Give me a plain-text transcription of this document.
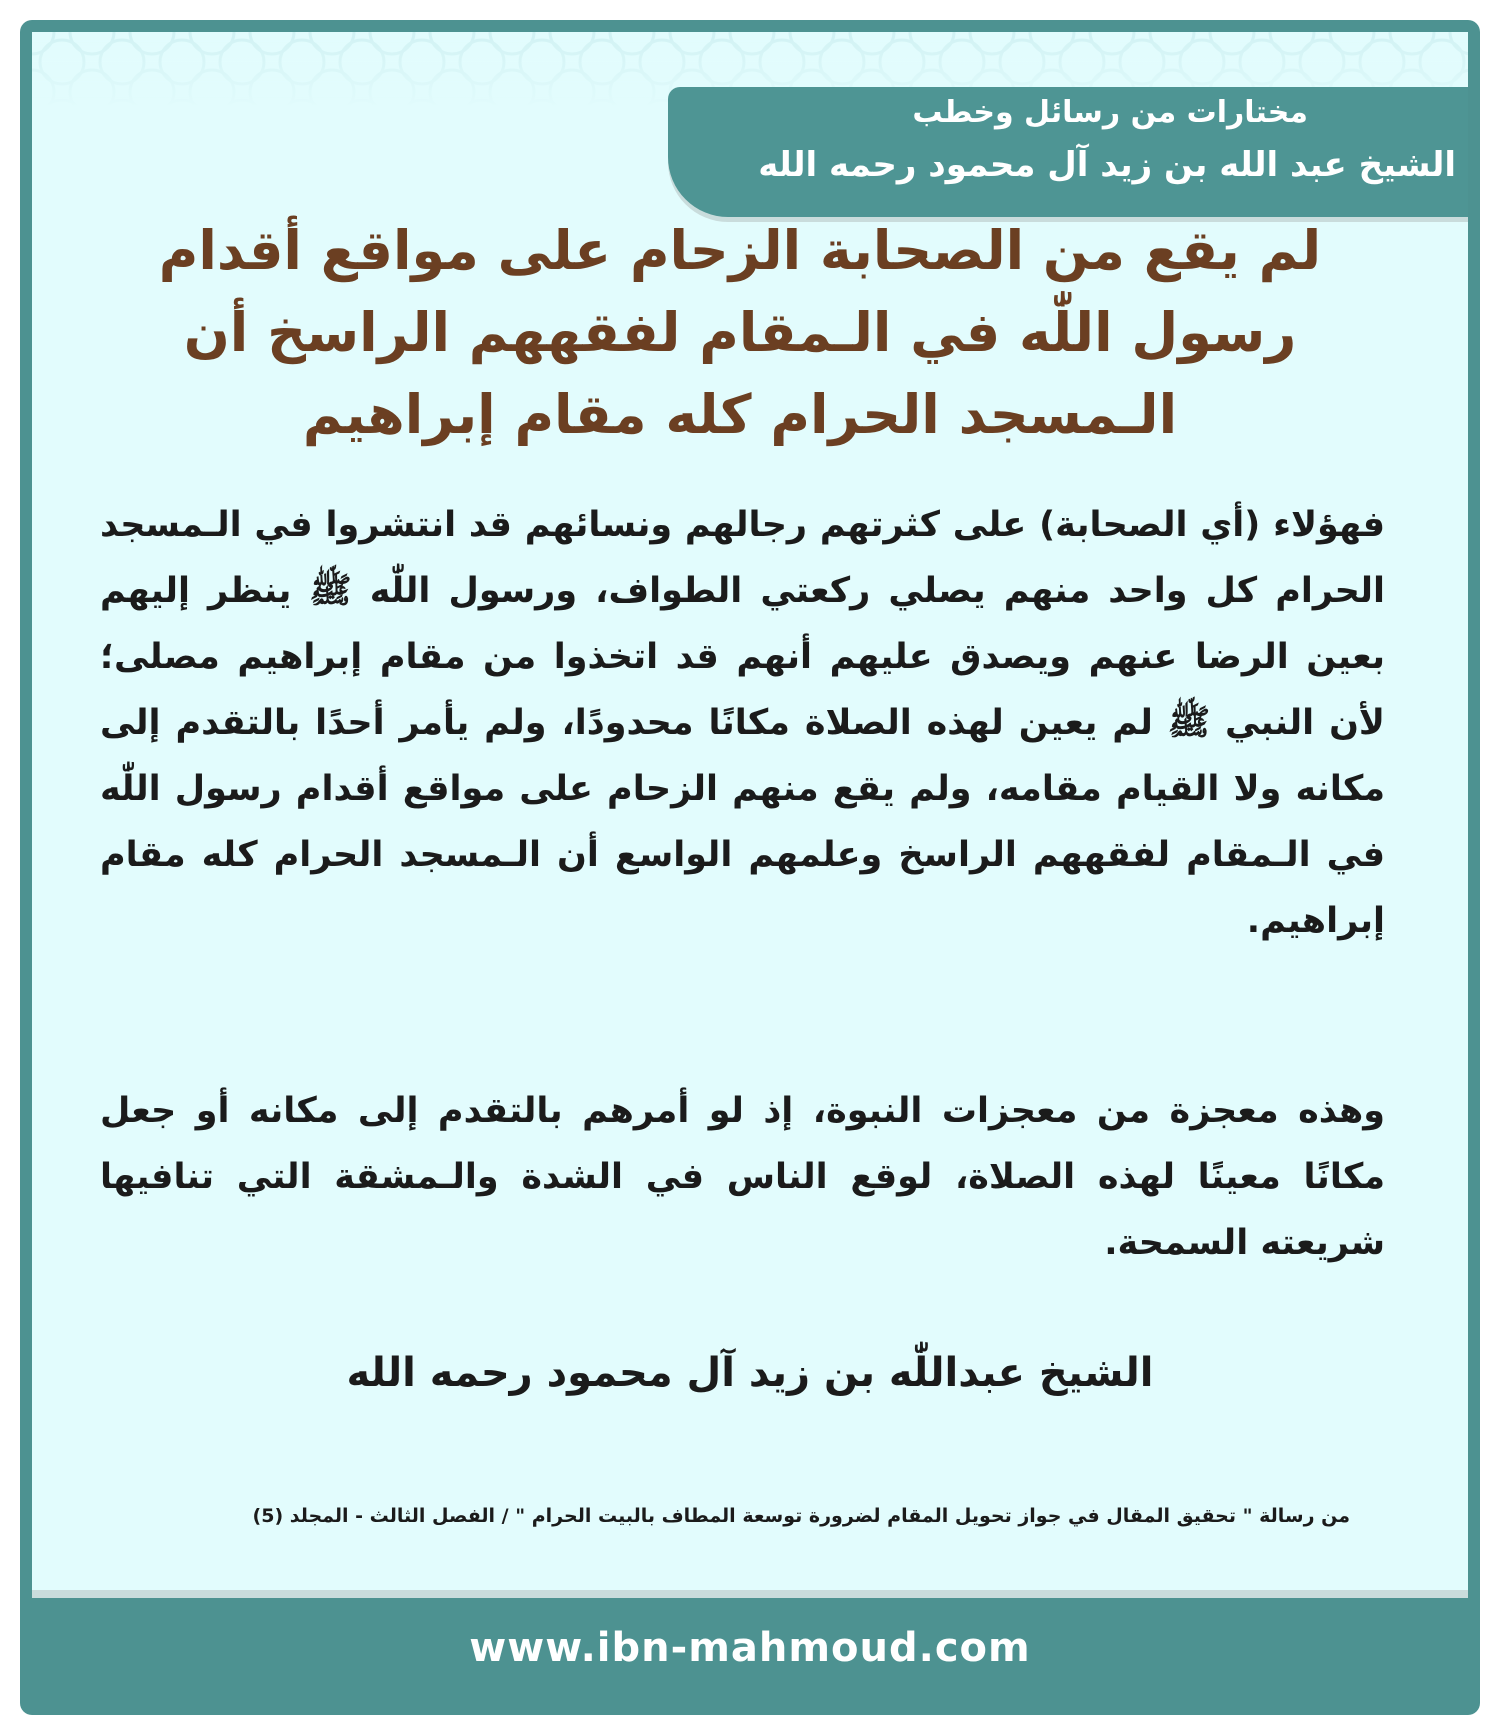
مختارات من رسائل وخطب
الشيخ عبد الله بن زيد آل محمود رحمه الله
لم يقع من الصحابة الزحام على مواقع أقدام رسول اللّٰه في الـمقام لفقههم الراسخ أن الـمسجد الحرام كله مقام إبراهيم
فهؤلاء (أي الصحابة) على كثرتهم رجالهم ونسائهم قد انتشروا في الـمسجد الحرام كل واحد منهم يصلي ركعتي الطواف، ورسول اللّٰه ﷺ ينظر إليهم بعين الرضا عنهم ويصدق عليهم أنهم قد اتخذوا من مقام إبراهيم مصلى؛ لأن النبي ﷺ لم يعين لهذه الصلاة مكانًا محدودًا، ولم يأمر أحدًا بالتقدم إلى مكانه ولا القيام مقامه، ولم يقع منهم الزحام على مواقع أقدام رسول اللّٰه في الـمقام لفقههم الراسخ وعلمهم الواسع أن الـمسجد الحرام كله مقام إبراهيم.
وهذه معجزة من معجزات النبوة، إذ لو أمرهم بالتقدم إلى مكانه أو جعل مكانًا معينًا لهذه الصلاة، لوقع الناس في الشدة والـمشقة التي تنافيها شريعته السمحة.
الشيخ عبداللّٰه بن زيد آل محمود رحمه الله
من رسالة " تحقيق المقال في جواز تحويل المقام لضرورة توسعة المطاف بالبيت الحرام " / الفصل الثالث - المجلد (5)
www.ibn-mahmoud.com
